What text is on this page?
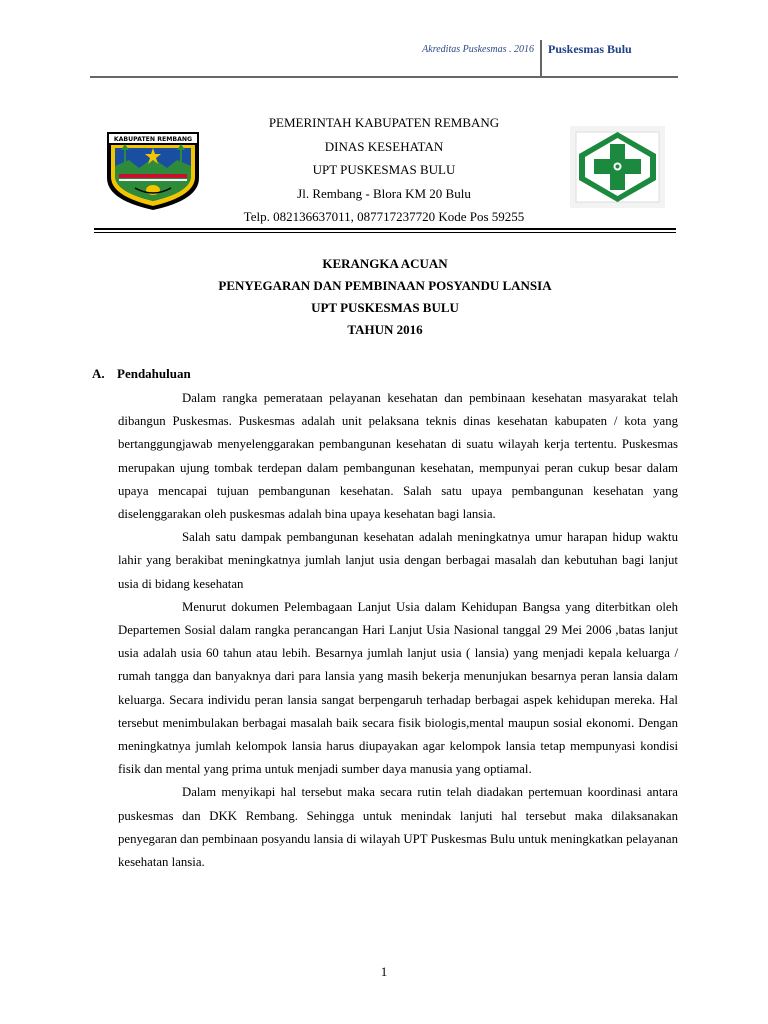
Akreditas Puskesmas . 2016 Puskesmas Bulu
KABUPATEN REMBANG
PEMERINTAH KABUPATEN REMBANG
DINAS KESEHATAN
UPT PUSKESMAS BULU
Jl. Rembang - Blora KM 20 Bulu
Telp. 082136637011, 087717237720 Kode Pos 59255
KERANGKA ACUAN
PENYEGARAN DAN PEMBINAAN POSYANDU LANSIA
UPT PUSKESMAS BULU
TAHUN 2016
A. Pendahuluan

Dalam rangka pemerataan pelayanan kesehatan dan pembinaan kesehatan masyarakat telah dibangun Puskesmas. Puskesmas adalah unit pelaksana teknis dinas kesehatan kabupaten / kota yang bertanggungjawab menyelenggarakan pembangunan kesehatan di suatu wilayah kerja tertentu. Puskesmas merupakan ujung tombak terdepan dalam pembangunan kesehatan, mempunyai peran cukup besar dalam upaya mencapai tujuan pembangunan kesehatan. Salah satu upaya pembangunan kesehatan yang diselenggarakan oleh puskesmas adalah bina upaya kesehatan bagi lansia.

Salah satu dampak pembangunan kesehatan adalah meningkatnya umur harapan hidup waktu lahir yang berakibat meningkatnya jumlah lanjut usia dengan berbagai masalah dan kebutuhan bagi lanjut usia di bidang kesehatan

Menurut dokumen Pelembagaan Lanjut Usia dalam Kehidupan Bangsa yang diterbitkan oleh Departemen Sosial dalam rangka perancangan Hari Lanjut Usia Nasional tanggal 29 Mei 2006 ,batas lanjut usia adalah usia 60 tahun atau lebih. Besarnya jumlah lanjut usia ( lansia) yang menjadi kepala keluarga / rumah tangga dan banyaknya dari para lansia yang masih bekerja menunjukan besarnya peran lansia dalam keluarga. Secara individu peran lansia sangat berpengaruh terhadap berbagai aspek kehidupan mereka. Hal tersebut menimbulakan berbagai masalah baik secara fisik biologis,mental maupun sosial ekonomi. Dengan meningkatnya jumlah kelompok lansia harus diupayakan agar kelompok lansia tetap mempunyasi kondisi fisik dan mental yang prima untuk menjadi sumber daya manusia yang optiamal.

Dalam menyikapi hal tersebut maka secara rutin telah diadakan pertemuan koordinasi antara puskesmas dan DKK Rembang. Sehingga untuk menindak lanjuti hal tersebut maka dilaksanakan penyegaran dan pembinaan posyandu lansia di wilayah UPT Puskesmas Bulu untuk meningkatkan pelayanan kesehatan lansia.

1
